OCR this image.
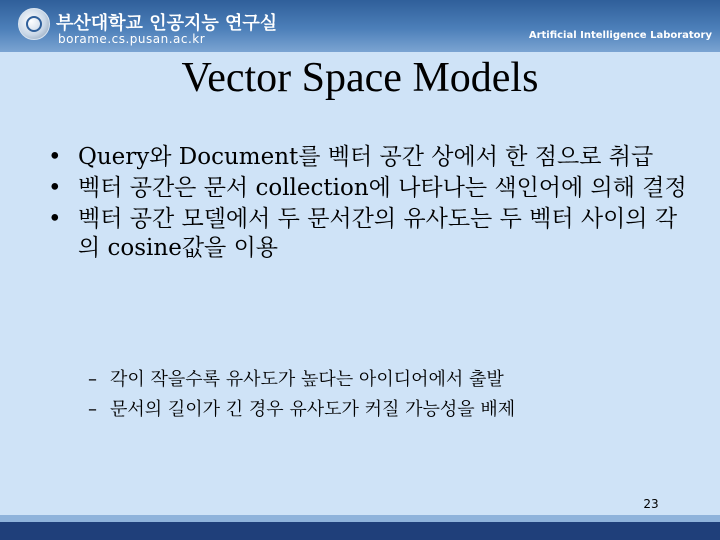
부산대학교 인공지능 연구실
borame.cs.pusan.ac.kr	Artificial Intelligence Laboratory
Vector Space Models
• Query와 Document를 벡터 공간 상에서 한 점으로 취급
• 벡터 공간은 문서 collection에 나타나는 색인어에 의해 결정
• 벡터 공간 모델에서 두 문서간의 유사도는 두 벡터 사이의 각의 cosine값을 이용
– 각이 작을수록 유사도가 높다는 아이디어에서 출발
– 문서의 길이가 긴 경우 유사도가 커질 가능성을 배제
23
